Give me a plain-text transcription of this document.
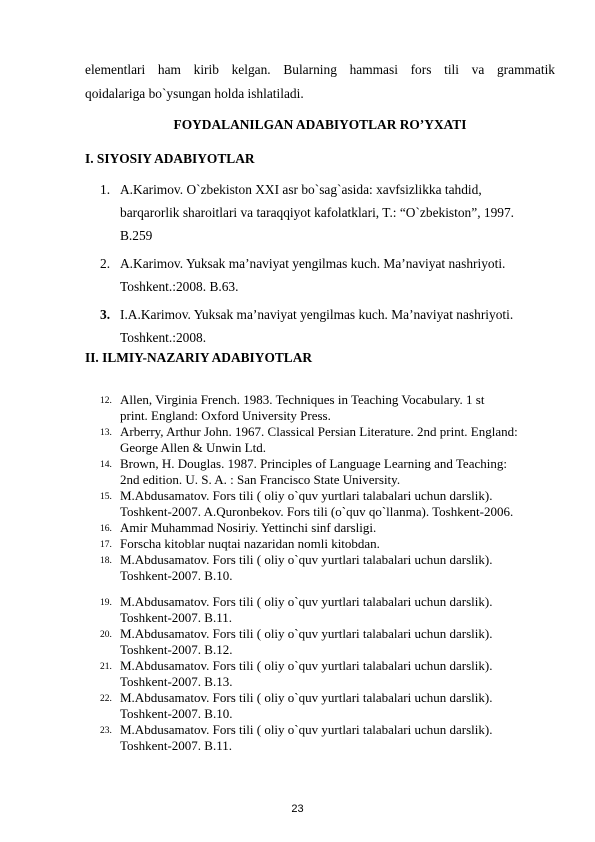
elementlari ham kirib kelgan. Bularning hammasi fors tili va grammatik
qoidalariga bo`ysungan holda ishlatiladi.
FOYDALANILGAN ADABIYOTLAR RO’YXATI
I. SIYOSIY ADABIYOTLAR
1. A.Karimov. O`zbekiston XXI asr bo`sag`asida: xavfsizlikka tahdid,
barqarorlik sharoitlari va taraqqiyot kafolatklari, T.: “O`zbekiston”, 1997.
B.259
2. A.Karimov. Yuksak ma’naviyat yengilmas kuch. Ma’naviyat nashriyoti.
Toshkent.:2008. B.63.
3. I.A.Karimov. Yuksak ma’naviyat yengilmas kuch. Ma’naviyat nashriyoti.
Toshkent.:2008.
II. ILMIY-NAZARIY ADABIYOTLAR
12. Allen, Virginia French. 1983. Techniques in Teaching Vocabulary. 1 st
print. England: Oxford University Press.
13. Arberry, Arthur John. 1967. Classical Persian Literature. 2nd print. England:
George Allen & Unwin Ltd.
14. Brown, H. Douglas. 1987. Principles of Language Learning and Teaching:
2nd edition. U. S. A. : San Francisco State University.
15. M.Abdusamatov. Fors tili ( oliy o`quv yurtlari talabalari uchun darslik).
Toshkent-2007. A.Quronbekov. Fors tili (o`quv qo`llanma). Toshkent-2006.
16. Amir Muhammad Nosiriy. Yettinchi sinf darsligi.
17. Forscha kitoblar nuqtai nazaridan nomli kitobdan.
18. M.Abdusamatov. Fors tili ( oliy o`quv yurtlari talabalari uchun darslik).
Toshkent-2007. B.10.
19. M.Abdusamatov. Fors tili ( oliy o`quv yurtlari talabalari uchun darslik).
Toshkent-2007. B.11.
20. M.Abdusamatov. Fors tili ( oliy o`quv yurtlari talabalari uchun darslik).
Toshkent-2007. B.12.
21. M.Abdusamatov. Fors tili ( oliy o`quv yurtlari talabalari uchun darslik).
Toshkent-2007. B.13.
22. M.Abdusamatov. Fors tili ( oliy o`quv yurtlari talabalari uchun darslik).
Toshkent-2007. B.10.
23. M.Abdusamatov. Fors tili ( oliy o`quv yurtlari talabalari uchun darslik).
Toshkent-2007. B.11.
23
